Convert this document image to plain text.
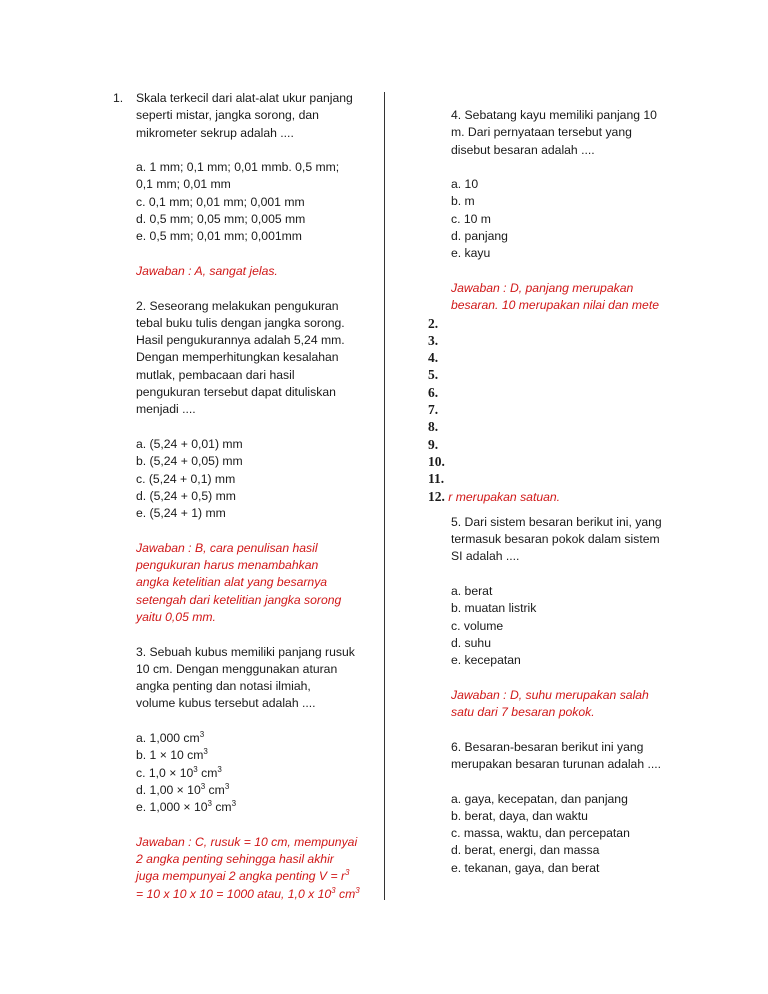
1. Skala terkecil dari alat-alat ukur panjang
seperti mistar, jangka sorong, dan
mikrometer sekrup adalah ....
a. 1 mm; 0,1 mm; 0,01 mmb. 0,5 mm;
0,1 mm; 0,01 mm
c. 0,1 mm; 0,01 mm; 0,001 mm
d. 0,5 mm; 0,05 mm; 0,005 mm
e. 0,5 mm; 0,01 mm; 0,001mm
Jawaban : A, sangat jelas.
2. Seseorang melakukan pengukuran
tebal buku tulis dengan jangka sorong.
Hasil pengukurannya adalah 5,24 mm.
Dengan memperhitungkan kesalahan
mutlak, pembacaan dari hasil
pengukuran tersebut dapat dituliskan
menjadi ....
a. (5,24 + 0,01) mm
b. (5,24 + 0,05) mm
c. (5,24 + 0,1) mm
d. (5,24 + 0,5) mm
e. (5,24 + 1) mm
Jawaban : B, cara penulisan hasil
pengukuran harus menambahkan
angka ketelitian alat yang besarnya
setengah dari ketelitian jangka sorong
yaitu 0,05 mm.
3. Sebuah kubus memiliki panjang rusuk
10 cm. Dengan menggunakan aturan
angka penting dan notasi ilmiah,
volume kubus tersebut adalah ....
a. 1,000 $cm^3$
b. 1 × 10 $cm^3$
c. $1,0 \times 10^3$ $cm^3$
d. $1,00 \times 10^3$ $cm^3$
e. $1,000 \times 10^3$ $cm^3$
Jawaban : C, rusuk = 10 cm, mempunyai
2 angka penting sehingga hasil akhir
juga mempunyai 2 angka penting $V = r^3$
= 10 x 10 x 10 = 1000 atau, 1,0 x $10^3$ $cm^3$
4. Sebatang kayu memiliki panjang 10
m. Dari pernyataan tersebut yang
disebut besaran adalah ....
a. 10
b. m
c. 10 m
d. panjang
e. kayu
Jawaban : D, panjang merupakan
besaran. 10 merupakan nilai dan mete
2.
3.
4.
5.
6.
7.
8.
9.
10.
11.
12. r merupakan satuan.
5. Dari sistem besaran berikut ini, yang
termasuk besaran pokok dalam sistem
SI adalah ....
a. berat
b. muatan listrik
c. volume
d. suhu
e. kecepatan
Jawaban : D, suhu merupakan salah
satu dari 7 besaran pokok.
6. Besaran-besaran berikut ini yang
merupakan besaran turunan adalah ....
a. gaya, kecepatan, dan panjang
b. berat, daya, dan waktu
c. massa, waktu, dan percepatan
d. berat, energi, dan massa
e. tekanan, gaya, dan berat
